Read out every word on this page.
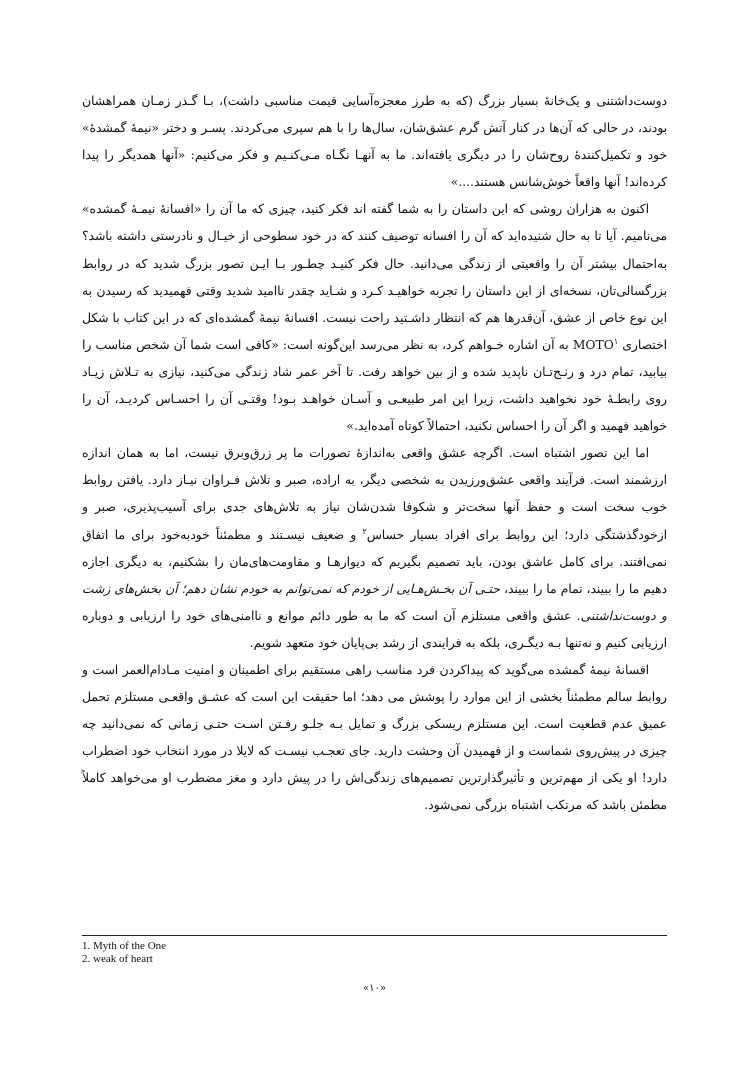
دوست‌داشتنی و یک‌خانهٔ بسیار بزرگ (که به طرز معجزه‌آسایی قیمت مناسبی داشت)، بـا گـذر زمـان همراهشان بودند، در حالی که آن‌ها در کنار آتش گرم عشق‌شان، سال‌ها را با هم سپری می‌کردند. پسـر و دختر «نیمهٔ گمشدهٔ» خود و تکمیل‌کنندهٔ روح‌شان را در دیگری یافته‌اند. ما به آنهـا نگـاه مـی‌کنـیم و فکر می‌کنیم: «آنها همدیگر را پیدا کرده‌اند! آنها واقعاً خوش‌شانس هستند....»

اکنون به هزاران روشی که این داستان را به شما گفته اند فکر کنید، چیزی که ما آن را «افسانهٔ نیمـهٔ گمشده» می‌نامیم. آیا تا به حال شنیده‌اید که آن را افسانه توصیف کنند که در خود سطوحی از خیـال و نادرستی داشته باشد؟ به‌احتمال بیشتر آن را واقعیتی از زندگی می‌دانید. حال فکر کنیـد چطـور بـا ایـن تصور بزرگ شدید که در روابط بزرگسالی‌تان، نسخه‌ای از این داستان را تجربه خواهیـد کـرد و شـاید چقدر ناامید شدید وقتی فهمیدید که رسیدن به این نوع خاص از عشق، آن‌قدرها هم که انتظار داشـتید راحت نیست. افسانهٔ نیمهٔ گمشده‌ای که در این کتاب با شکل اختصاری MOTO$^۱$ به آن اشاره خـواهم کرد، به نظر می‌رسد این‌گونه است: «کافی است شما آن شخص مناسب را بیابید، تمام درد و رنـج‌تـان ناپدید شده و از بین خواهد رفت. تا آخر عمر شاد زندگی می‌کنید، نیازی به تـلاش زیـاد روی رابطـهٔ خود نخواهید داشت، زیرا این امر طبیعـی و آسـان خواهـد بـود! وقتـی آن را احسـاس کردیـد، آن را خواهید فهمید و اگر آن را احساس نکنید، احتمالاً کوتاه آمده‌اید.»

اما این تصور اشتباه است. اگرچه عشق واقعی به‌اندازهٔ تصورات ما پر زرق‌وبرق نیست، اما به همان اندازه ارزشمند است. فرآیند واقعی عشق‌ورزیدن به شخصی دیگر، به اراده، صبر و تلاش فـراوان نیـاز دارد. یافتن روابط خوب سخت است و حفظ آنها سخت‌تر و شکوفا شدن‌شان نیاز به تلاش‌های جدی برای آسیب‌پذیری، صبر و ازخودگذشتگی دارد؛ این روابط برای افراد بسیار حساس$^۲$ و ضعیف نیسـتند و مطمئناً خودبه‌خود برای ما اتفاق نمی‌افتند. برای کامل عاشق بودن، باید تصمیم بگیریم که دیوارهـا و مقاومت‌های‌مان را بشکنیم، به دیگری اجازه دهیم ما را ببیند، تمام ما را ببیند، حتـی آن بخـش‌هـایی از خودم که نمی‌توانم به خودم نشان دهم؛ آن بخش‌های زشت و دوست‌نداشتنی. عشق واقعی مستلزم آن است که ما به طور دائم موانع و ناامنی‌های خود را ارزیابی و دوباره ارزیابی کنیم و نه‌تنها بـه دیگـری، بلکه به فرایندی از رشد بی‌پایان خود متعهد شویم.

افسانهٔ نیمهٔ گمشده می‌گوید که پیداکردن فرد مناسب راهی مستقیم برای اطمینان و امنیت مـادام‌العمر است و روابط سالم مطمئناً بخشی از این موارد را پوشش می دهد؛ اما حقیقت این است که عشـق واقعـی مستلزم تحمل عمیق عدم قطعیت است. این مستلزم ریسکی بزرگ و تمایل بـه جلـو رفـتن اسـت حتـی زمانی که نمی‌دانید چه چیزی در پیش‌روی شماست و از فهمیدن آن وحشت دارید. جای تعجـب نیسـت که لایلا در مورد انتخاب خود اضطراب دارد! او یکی از مهم‌ترین و تأثیرگذارترین تصمیم‌های زندگی‌اش را در پیش دارد و مغز مضطرب او می‌خواهد کاملاً مطمئن باشد که مرتکب اشتباه بزرگی نمی‌شود.

1. Myth of the One

2. weak of heart

«۱۰»
